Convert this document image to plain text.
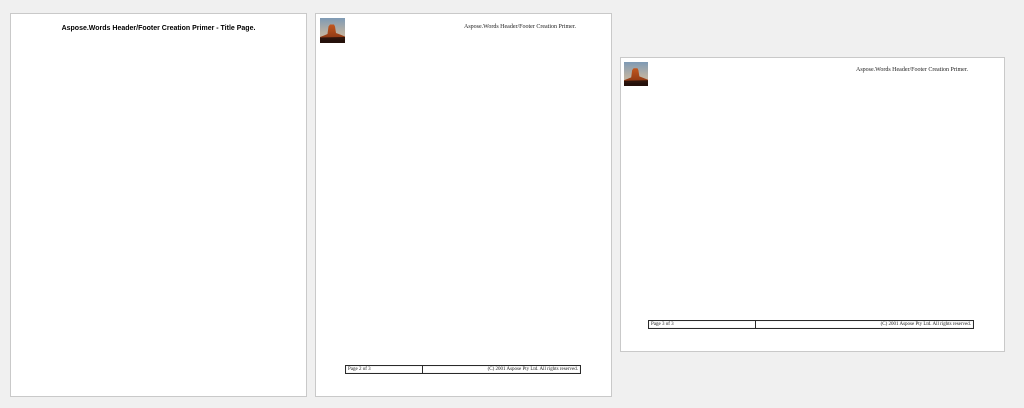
Aspose.Words Header/Footer Creation Primer - Title Page.	Aspose.Words Header/Footer Creation Primer.
Page 2 of 3	(C) 2001 Aspose Pty Ltd. All rights reserved.
Aspose.Words Header/Footer Creation Primer.
Page 3 of 3	(C) 2001 Aspose Pty Ltd. All rights reserved.
